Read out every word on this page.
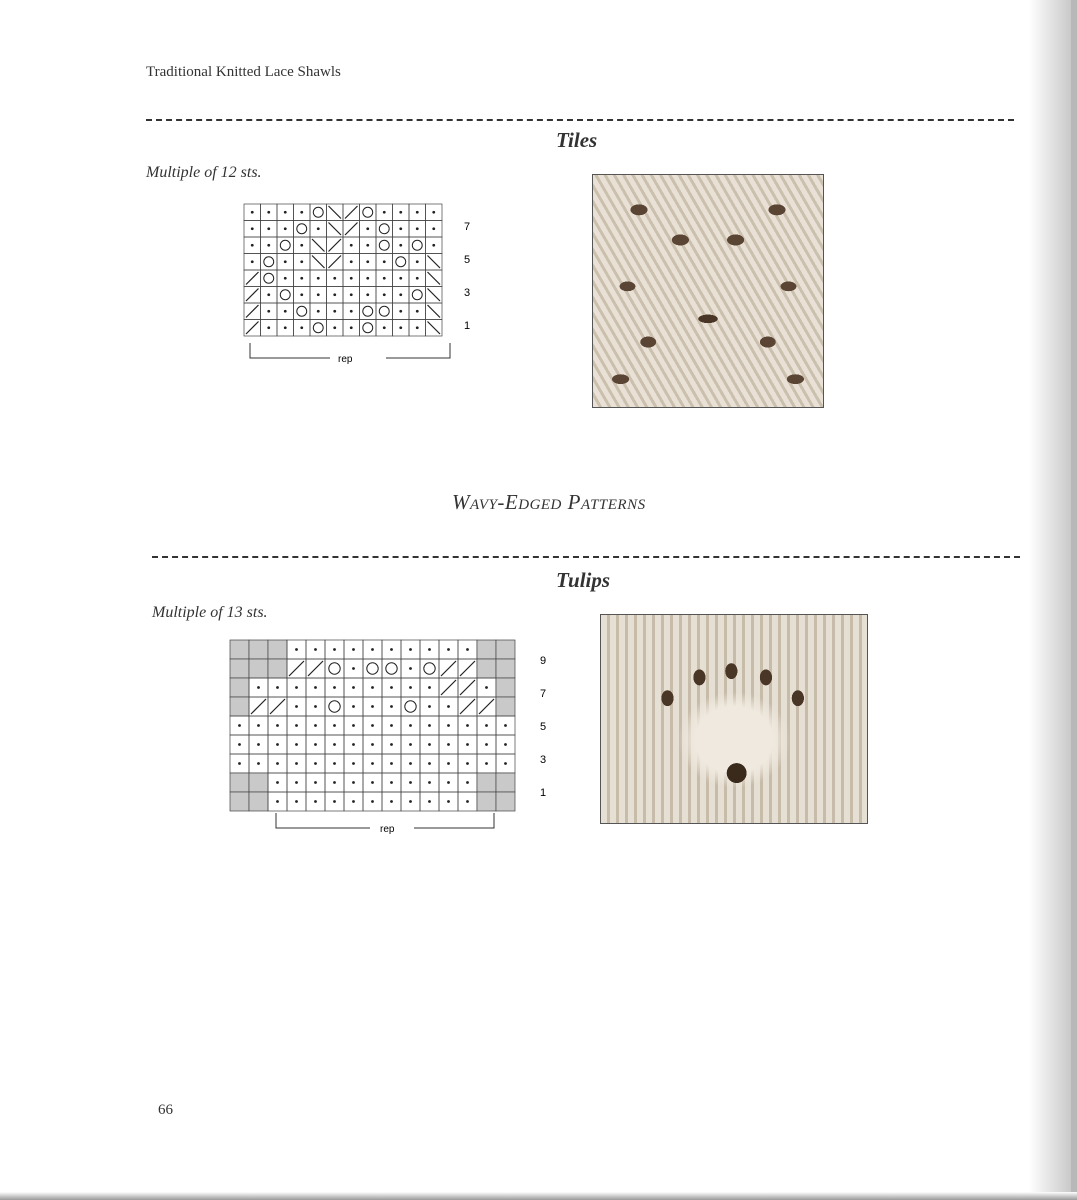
Traditional Knitted Lace Shawls
Tiles
Multiple of 12 sts.
7
5
3
1
rep
Wavy-Edged Patterns
Tulips
Multiple of 13 sts.
9
7
5
3
1
rep
66
